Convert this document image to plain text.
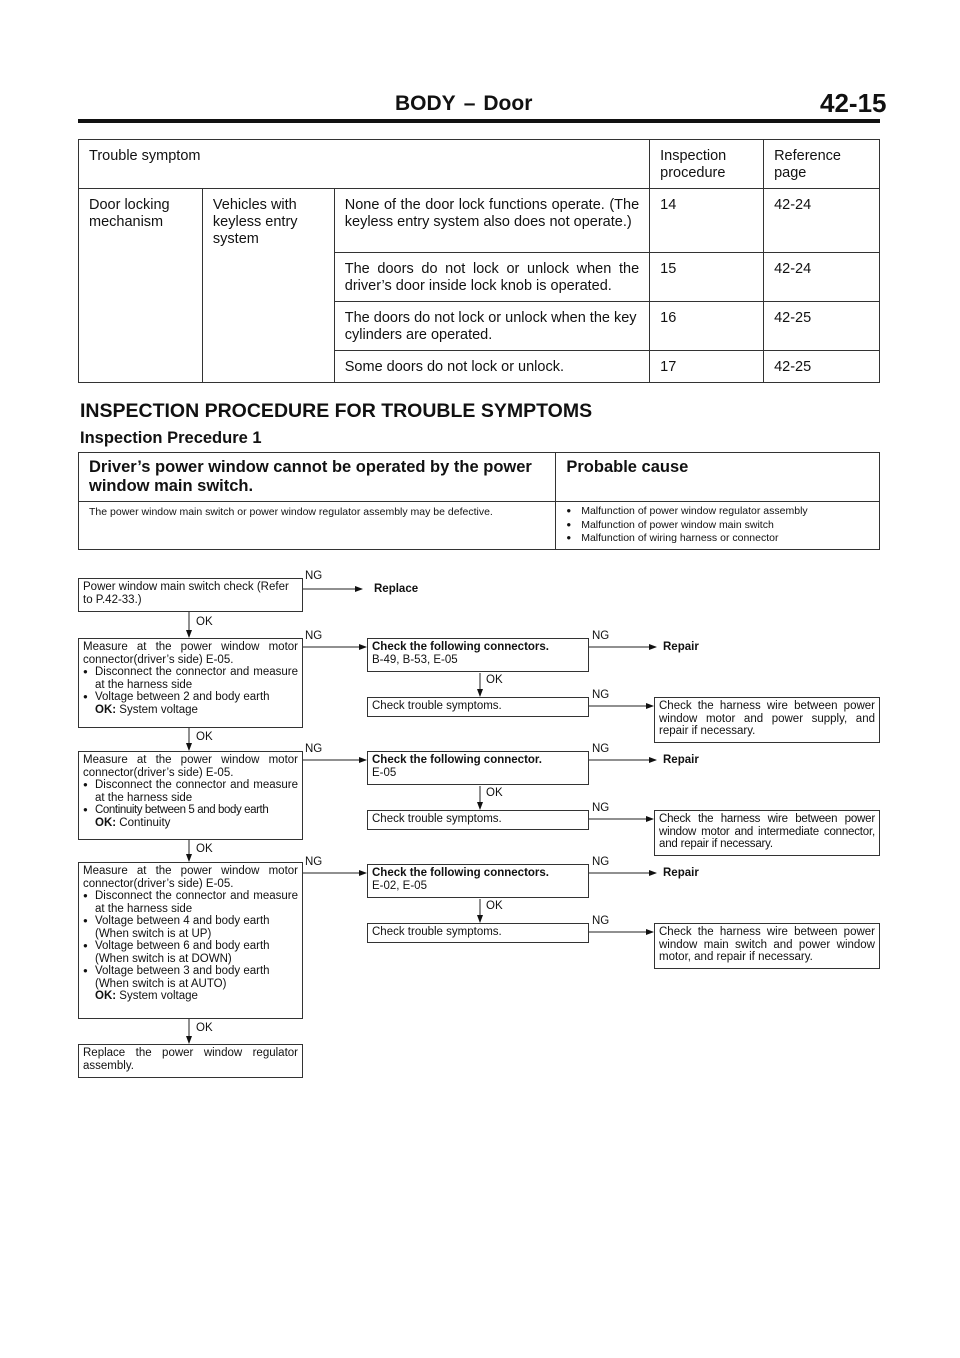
BODY – Door	42-15
Trouble symptom			Inspection procedure	Reference page
Door locking mechanism	Vehicles with keyless entry system	None of the door lock functions operate. (The keyless entry system also does not operate.)	14	42-24
		The doors do not lock or unlock when the driver’s door inside lock knob is operated.	15	42-24
		The doors do not lock or unlock when the key cylinders are operated.	16	42-25
		Some doors do not lock or unlock.	17	42-25
INSPECTION PROCEDURE FOR TROUBLE SYMPTOMS
Inspection Precedure 1
Driver’s power window cannot be operated by the power window main switch.	Probable cause
The power window main switch or power window regulator assembly may be defective.	● Malfunction of power window regulator assembly
● Malfunction of power window main switch
● Malfunction of wiring harness or connector
Power window main switch check (Refer to P.42-33.)
NG
Replace
OK
Measure at the power window motor connector(driver’s side) E-05.
● Disconnect the connector and measure at the harness side
● Voltage between 2 and body earth
OK: System voltage
NG
OK
Check the following connectors.
B-49, B-53, E-05
NG
Repair
OK
Check trouble symptoms.
NG
Check the harness wire between power window motor and power supply, and repair if necessary.
Measure at the power window motor connector(driver’s side) E-05.
● Disconnect the connector and measure at the harness side
● Continuity between 5 and body earth
OK: Continuity
NG
OK
Check the following connector.
E-05
NG
Repair
OK
Check trouble symptoms.
NG
Check the harness wire between power window motor and intermediate connector, and repair if necessary.
Measure at the power window motor connector(driver’s side) E-05.
● Disconnect the connector and measure at the harness side
● Voltage between 4 and body earth (When switch is at UP)
● Voltage between 6 and body earth (When switch is at DOWN)
● Voltage between 3 and body earth (When switch is at AUTO)
OK: System voltage
NG
OK
Check the following connectors.
E-02, E-05
NG
Repair
OK
Check trouble symptoms.
NG
Check the harness wire between power window main switch and power window motor, and repair if necessary.
Replace the power window regulator assembly.
